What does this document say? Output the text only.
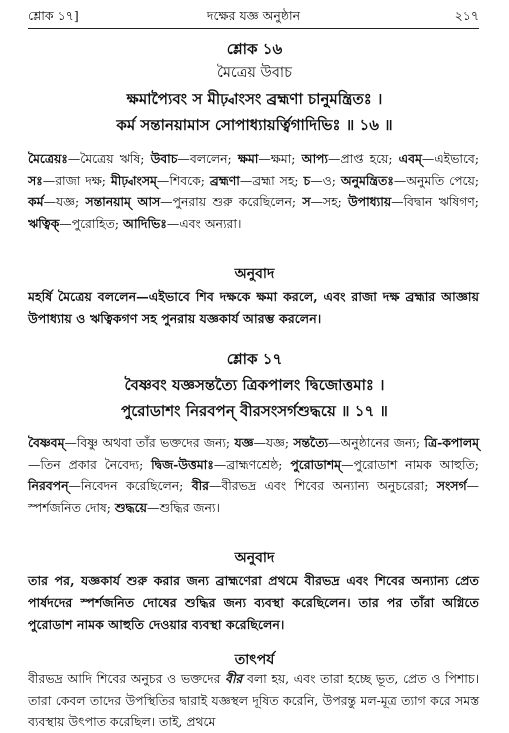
শ্লোক ১৭]	দক্ষের যজ্ঞ অনুষ্ঠান	২১৭
শ্লোক ১৬
মৈত্রেয় উবাচ
ক্ষমাপ্যৈবং স মীঢ়্বাংসং ব্রহ্মণা চানুমন্ত্রিতঃ ।
কর্ম সন্তানয়ামাস সোপাধ্যায়র্ত্বিগাদিভিঃ ॥ ১৬ ॥

মৈত্রেয়ঃ—মৈত্রেয় ঋষি; উবাচ—বললেন; ক্ষমা—ক্ষমা; আপ্য—প্রাপ্ত হয়ে; এবম্—এইভাবে; সঃ—রাজা দক্ষ; মীঢ়্বাংসম্—শিবকে; ব্রহ্মণা—ব্রহ্মা সহ; চ—ও; অনুমন্ত্রিতঃ—অনুমতি পেয়ে; কর্ম—যজ্ঞ; সন্তানয়াম্ আস—পুনরায় শুরু করেছিলেন; স—সহ; উপাধ্যায়—বিদ্বান ঋষিগণ; ঋত্বিক্—পুরোহিত; আদিভিঃ—এবং অন্যরা।

অনুবাদ

মহর্ষি মৈত্রেয় বললেন—এইভাবে শিব দক্ষকে ক্ষমা করলে, এবং রাজা দক্ষ ব্রহ্মার আজ্ঞায় উপাধ্যায় ও ঋত্বিকগণ সহ পুনরায় যজ্ঞকার্য আরম্ভ করলেন।

শ্লোক ১৭
বৈষ্ণবং যজ্ঞসন্তত্যৈ ত্রিকপালং দ্বিজোত্তমাঃ ।
পুরোডাশং নিরবপন্ বীরসংসর্গশুদ্ধয়ে ॥ ১৭ ॥

বৈষ্ণবম্—বিষ্ণু অথবা তাঁর ভক্তদের জন্য; যজ্ঞ—যজ্ঞ; সন্তত্যৈ—অনুষ্ঠানের জন্য; ত্রি-কপালম্—তিন প্রকার নৈবেদ্য; দ্বিজ-উত্তমাঃ—ব্রাহ্মণশ্রেষ্ঠ; পুরোডাশম্—পুরোডাশ নামক আহুতি; নিরবপন্—নিবেদন করেছিলেন; বীর—বীরভদ্র এবং শিবের অন্যান্য অনুচরেরা; সংসর্গ—স্পর্শজনিত দোষ; শুদ্ধয়ে—শুদ্ধির জন্য।

অনুবাদ

তার পর, যজ্ঞকার্য শুরু করার জন্য ব্রাহ্মণেরা প্রথমে বীরভদ্র এবং শিবের অন্যান্য প্রেত পার্ষদদের স্পর্শজনিত দোষের শুদ্ধির জন্য ব্যবস্থা করেছিলেন। তার পর তাঁরা অগ্নিতে পুরোডাশ নামক আহুতি দেওয়ার ব্যবস্থা করেছিলেন।

তাৎপর্য

বীরভদ্র আদি শিবের অনুচর ও ভক্তদের বীর বলা হয়, এবং তারা হচ্ছে ভূত, প্রেত ও পিশাচ। তারা কেবল তাদের উপস্থিতির দ্বারাই যজ্ঞস্থল দূষিত করেনি, উপরন্তু মল-মূত্র ত্যাগ করে সমস্ত ব্যবস্থায় উৎপাত করেছিল। তাই, প্রথমে
